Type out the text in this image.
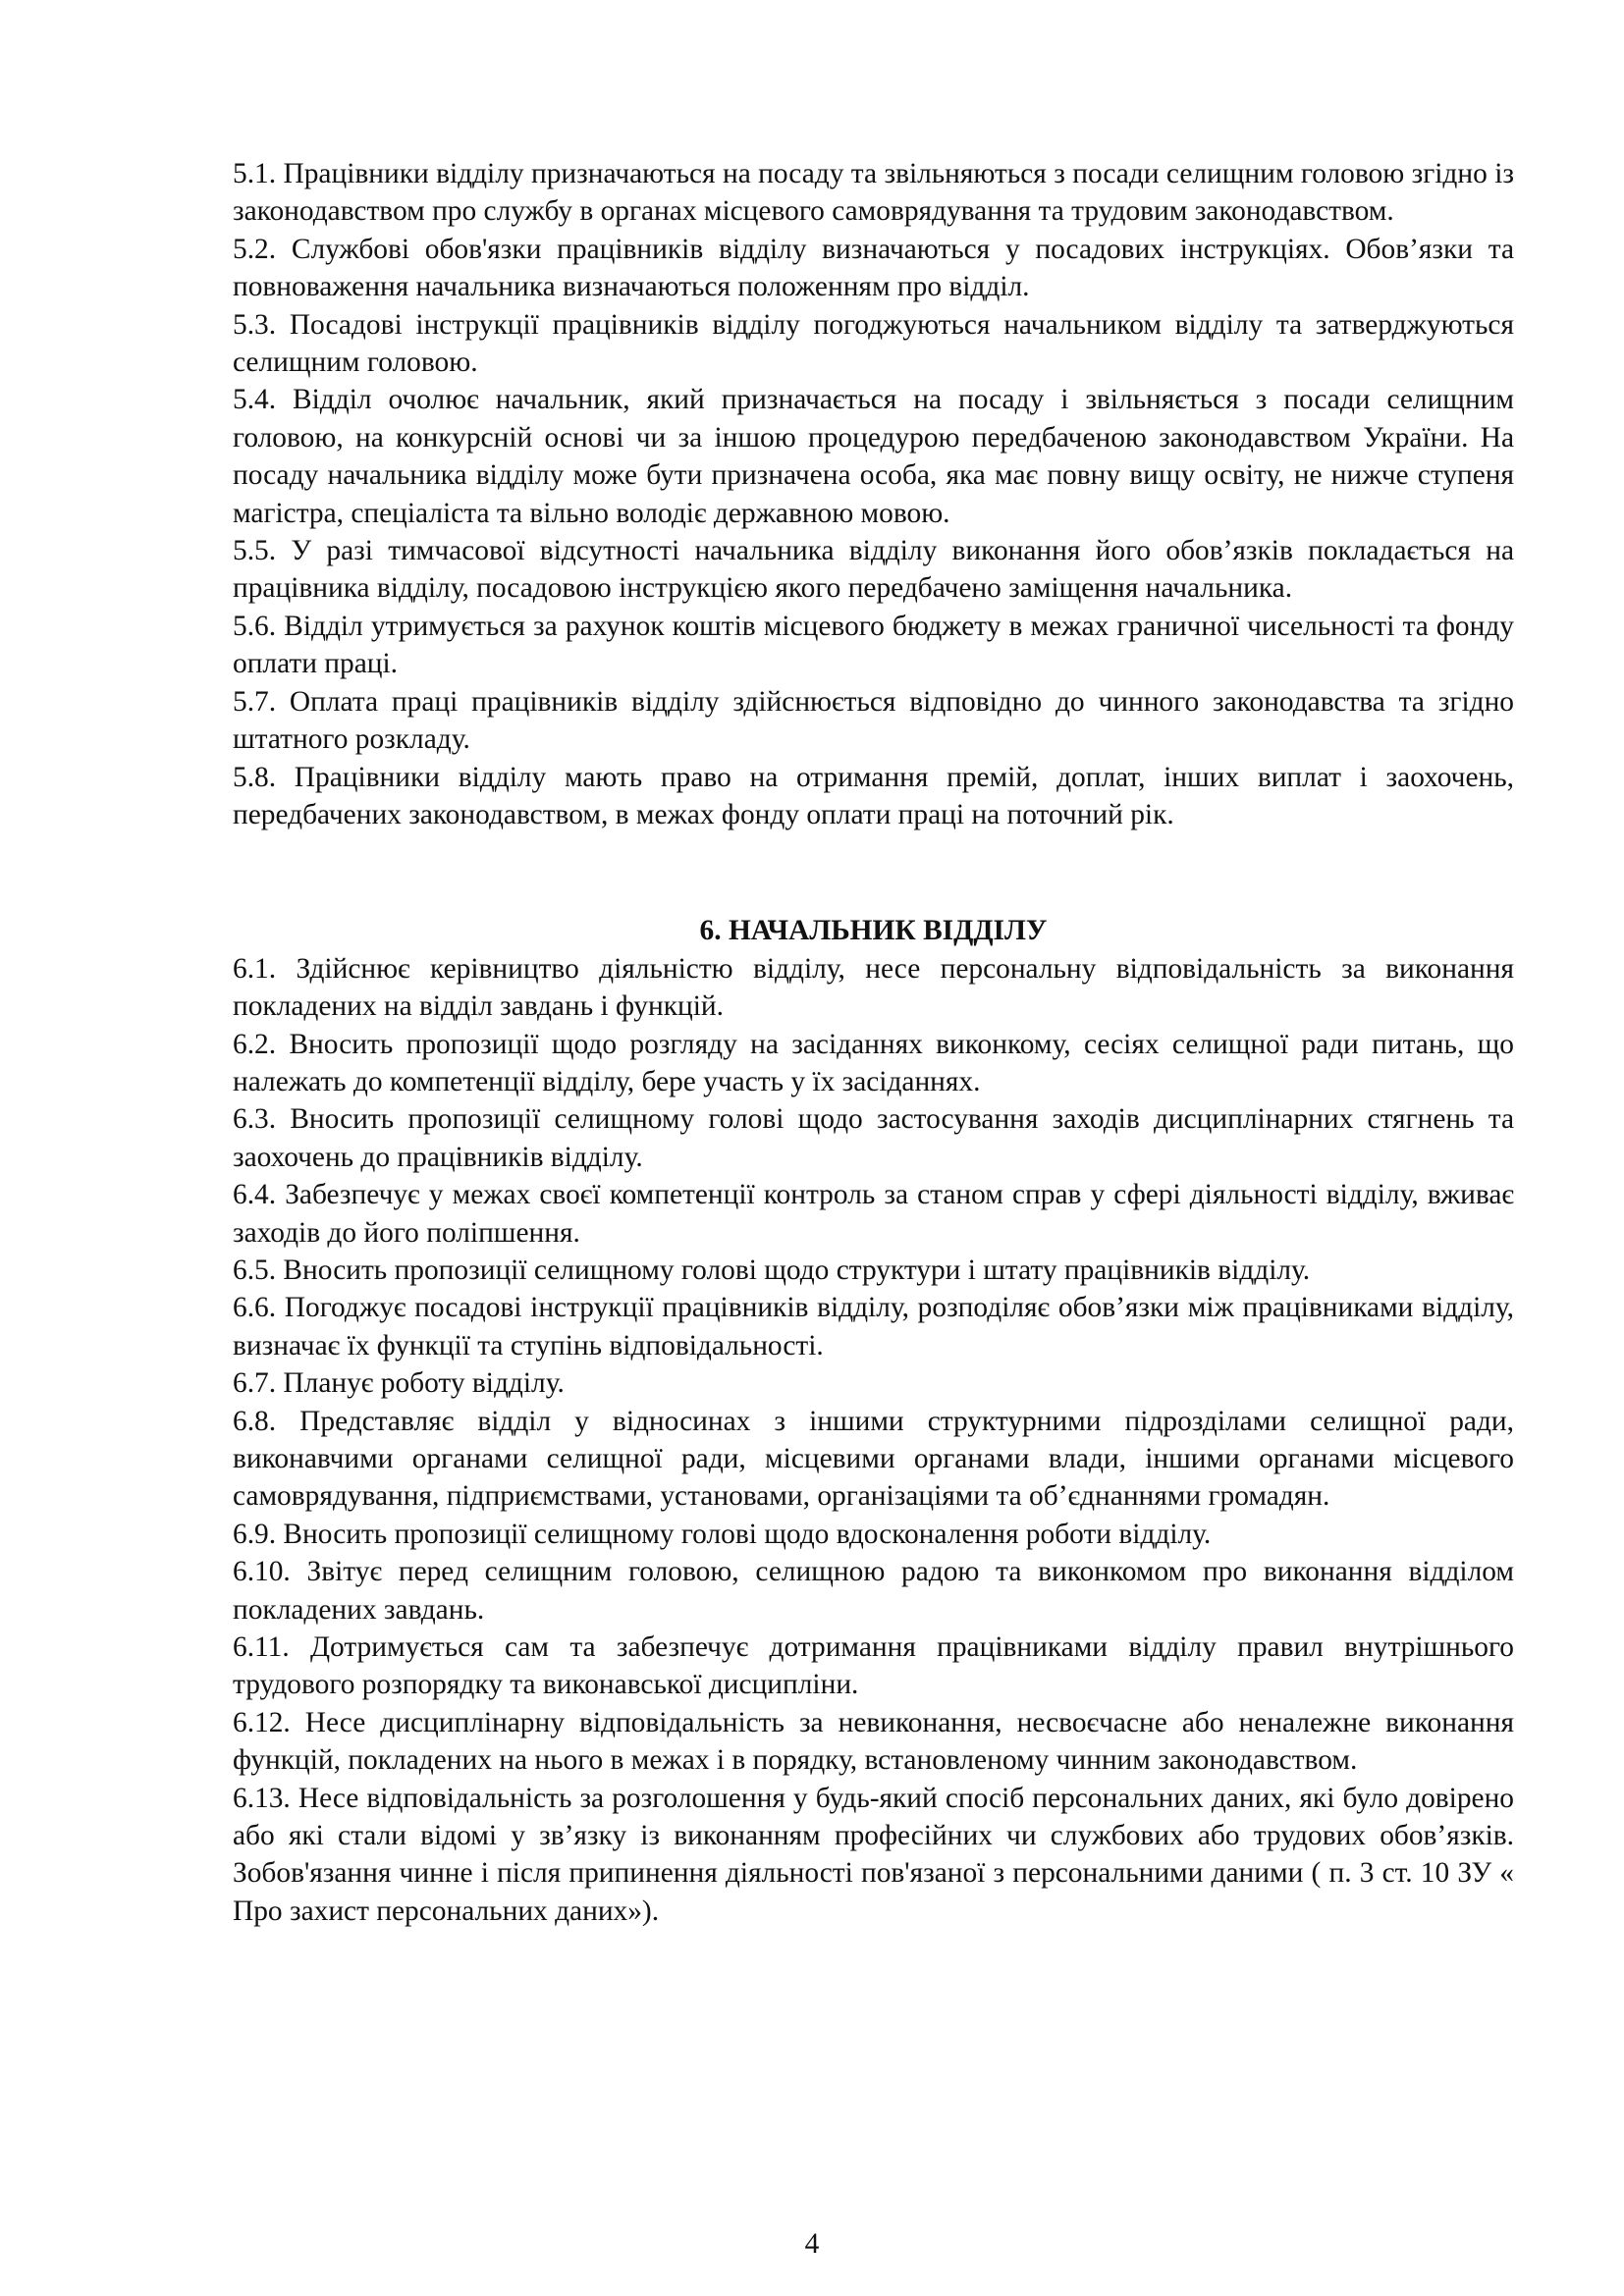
5.1. Працівники відділу призначаються на посаду та звільняються з посади селищним головою згідно із законодавством про службу в органах місцевого самоврядування та трудовим законодавством.

5.2. Службові обов'язки працівників відділу визначаються у посадових інструкціях. Обов’язки та повноваження начальника визначаються положенням про відділ.

5.3. Посадові інструкції працівників відділу погоджуються начальником відділу та затверджуються селищним головою.

5.4. Відділ очолює начальник, який призначається на посаду і звільняється з посади селищним головою, на конкурсній основі чи за іншою процедурою передбаченою законодавством України. На посаду начальника відділу може бути призначена особа, яка має повну вищу освіту, не нижче ступеня магістра, спеціаліста та вільно володіє державною мовою.

5.5. У разі тимчасової відсутності начальника відділу виконання його обов’язків покладається на працівника відділу, посадовою інструкцією якого передбачено заміщення начальника.

5.6. Відділ утримується за рахунок коштів місцевого бюджету в межах граничної чисельності та фонду оплати праці.

5.7. Оплата праці працівників відділу здійснюється відповідно до чинного законодавства та згідно штатного розкладу.

5.8. Працівники відділу мають право на отримання премій, доплат, інших виплат і заохочень, передбачених законодавством, в межах фонду оплати праці на поточний рік.

6. НАЧАЛЬНИК ВІДДІЛУ

6.1. Здійснює керівництво діяльністю відділу, несе персональну відповідальність за виконання покладених на відділ завдань і функцій.

6.2. Вносить пропозиції щодо розгляду на засіданнях виконкому, сесіях селищної ради питань, що належать до компетенції відділу, бере участь у їх засіданнях.

6.3. Вносить пропозиції селищному голові щодо застосування заходів дисциплінарних стягнень та заохочень до працівників відділу.

6.4. Забезпечує у межах своєї компетенції контроль за станом справ у сфері діяльності відділу, вживає заходів до його поліпшення.

6.5. Вносить пропозиції селищному голові щодо структури і штату працівників відділу.

6.6. Погоджує посадові інструкції працівників відділу, розподіляє обов’язки між працівниками відділу, визначає їх функції та ступінь відповідальності.

6.7. Планує роботу відділу.

6.8. Представляє відділ у відносинах з іншими структурними підрозділами селищної ради, виконавчими органами селищної ради, місцевими органами влади, іншими органами місцевого самоврядування, підприємствами, установами, організаціями та об’єднаннями громадян.

6.9. Вносить пропозиції селищному голові щодо вдосконалення роботи відділу.

6.10. Звітує перед селищним головою, селищною радою та виконкомом про виконання відділом покладених завдань.

6.11. Дотримується сам та забезпечує дотримання працівниками відділу правил внутрішнього трудового розпорядку та виконавської дисципліни.

6.12. Несе дисциплінарну відповідальність за невиконання, несвоєчасне або неналежне виконання функцій, покладених на нього в межах і в порядку, встановленому чинним законодавством.

6.13. Несе відповідальність за розголошення у будь-який спосіб персональних даних, які було довірено або які стали відомі у зв’язку із виконанням професійних чи службових або трудових обов’язків. Зобов'язання чинне і після припинення діяльності пов'язаної з персональними даними ( п. 3 ст. 10 ЗУ « Про захист персональних даних»).

4
